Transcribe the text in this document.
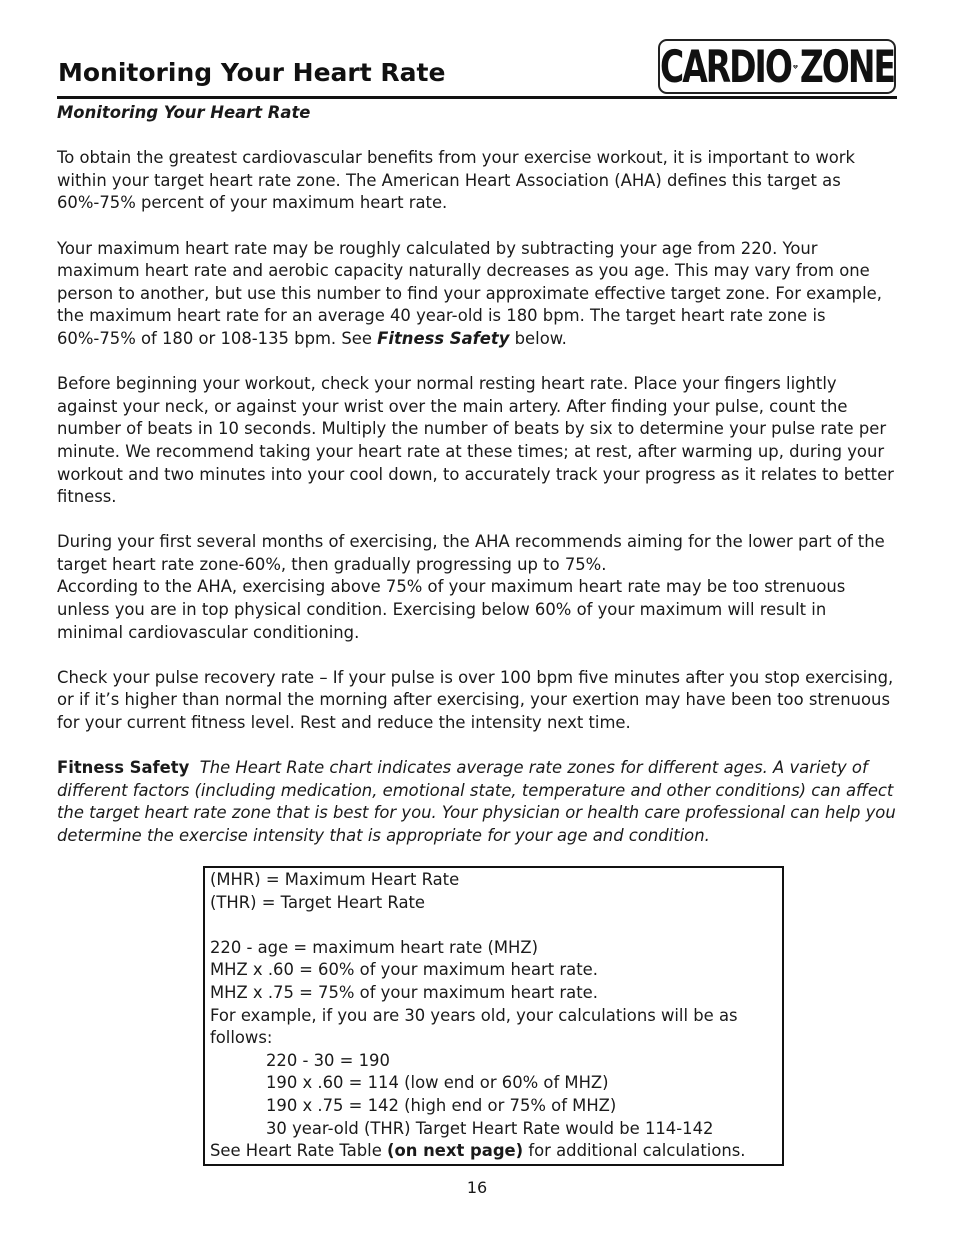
Monitoring Your Heart Rate	CARDIO ZONE

Monitoring Your Heart Rate

To obtain the greatest cardiovascular benefits from your exercise workout, it is important to work within your target heart rate zone. The American Heart Association (AHA) defines this target as 60%-75% percent of your maximum heart rate.

Your maximum heart rate may be roughly calculated by subtracting your age from 220. Your maximum heart rate and aerobic capacity naturally decreases as you age. This may vary from one person to another, but use this number to find your approximate effective target zone. For example, the maximum heart rate for an average 40 year-old is 180 bpm. The target heart rate zone is 60%-75% of 180 or 108-135 bpm. See Fitness Safety below.

Before beginning your workout, check your normal resting heart rate. Place your fingers lightly against your neck, or against your wrist over the main artery. After finding your pulse, count the number of beats in 10 seconds. Multiply the number of beats by six to determine your pulse rate per minute. We recommend taking your heart rate at these times; at rest, after warming up, during your workout and two minutes into your cool down, to accurately track your progress as it relates to better fitness.

During your first several months of exercising, the AHA recommends aiming for the lower part of the target heart rate zone-60%, then gradually progressing up to 75%.
According to the AHA, exercising above 75% of your maximum heart rate may be too strenuous unless you are in top physical condition. Exercising below 60% of your maximum will result in minimal cardiovascular conditioning.

Check your pulse recovery rate – If your pulse is over 100 bpm five minutes after you stop exercising, or if it’s higher than normal the morning after exercising, your exertion may have been too strenuous for your current fitness level. Rest and reduce the intensity next time.

Fitness Safety The Heart Rate chart indicates average rate zones for different ages. A variety of different factors (including medication, emotional state, temperature and other conditions) can affect the target heart rate zone that is best for you. Your physician or health care professional can help you determine the exercise intensity that is appropriate for your age and condition.

(MHR) = Maximum Heart Rate
(THR) = Target Heart Rate
220 - age = maximum heart rate (MHZ)
MHZ x .60 = 60% of your maximum heart rate.
MHZ x .75 = 75% of your maximum heart rate.
For example, if you are 30 years old, your calculations will be as
follows:
220 - 30 = 190
190 x .60 = 114 (low end or 60% of MHZ)
190 x .75 = 142 (high end or 75% of MHZ)
30 year-old (THR) Target Heart Rate would be 114-142
See Heart Rate Table (on next page) for additional calculations.
16
